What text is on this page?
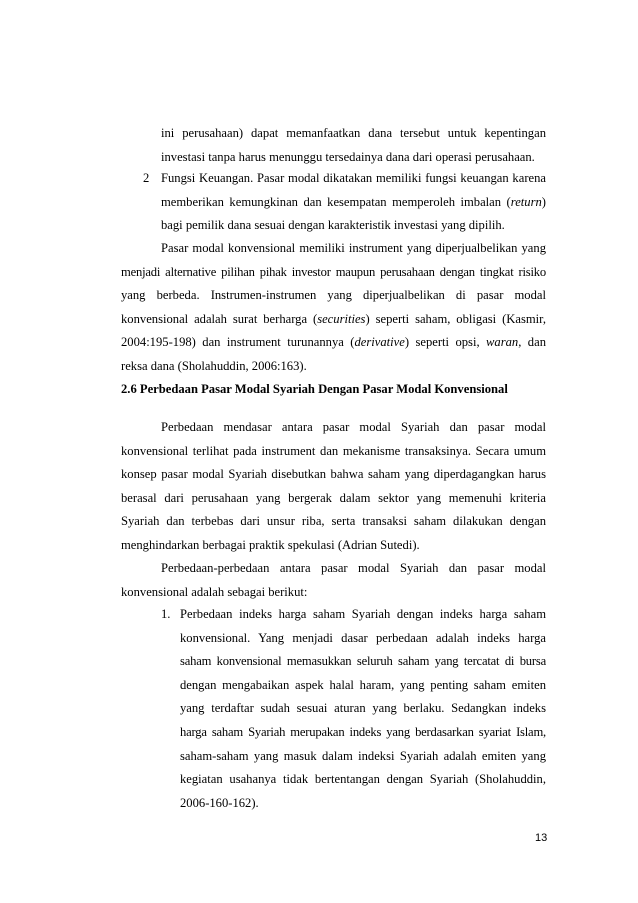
ini perusahaan) dapat memanfaatkan dana tersebut untuk kepentingan
investasi tanpa harus menunggu tersedainya dana dari operasi perusahaan.
2 Fungsi Keuangan. Pasar modal dikatakan memiliki fungsi keuangan karena
memberikan kemungkinan dan kesempatan memperoleh imbalan (return)
bagi pemilik dana sesuai dengan karakteristik investasi yang dipilih.
Pasar modal konvensional memiliki instrument yang diperjualbelikan yang
menjadi alternative pilihan pihak investor maupun perusahaan dengan tingkat risiko
yang berbeda. Instrumen-instrumen yang diperjualbelikan di pasar modal
konvensional adalah surat berharga (securities) seperti saham, obligasi (Kasmir,
2004:195-198) dan instrument turunannya (derivative) seperti opsi, waran, dan
reksa dana (Sholahuddin, 2006:163).
2.6 Perbedaan Pasar Modal Syariah Dengan Pasar Modal Konvensional
Perbedaan mendasar antara pasar modal Syariah dan pasar modal
konvensional terlihat pada instrument dan mekanisme transaksinya. Secara umum
konsep pasar modal Syariah disebutkan bahwa saham yang diperdagangkan harus
berasal dari perusahaan yang bergerak dalam sektor yang memenuhi kriteria
Syariah dan terbebas dari unsur riba, serta transaksi saham dilakukan dengan
menghindarkan berbagai praktik spekulasi (Adrian Sutedi).
Perbedaan-perbedaan antara pasar modal Syariah dan pasar modal
konvensional adalah sebagai berikut:
1. Perbedaan indeks harga saham Syariah dengan indeks harga saham
konvensional. Yang menjadi dasar perbedaan adalah indeks harga
saham konvensional memasukkan seluruh saham yang tercatat di bursa
dengan mengabaikan aspek halal haram, yang penting saham emiten
yang terdaftar sudah sesuai aturan yang berlaku. Sedangkan indeks
harga saham Syariah merupakan indeks yang berdasarkan syariat Islam,
saham-saham yang masuk dalam indeksi Syariah adalah emiten yang
kegiatan usahanya tidak bertentangan dengan Syariah (Sholahuddin,
2006-160-162).
13
